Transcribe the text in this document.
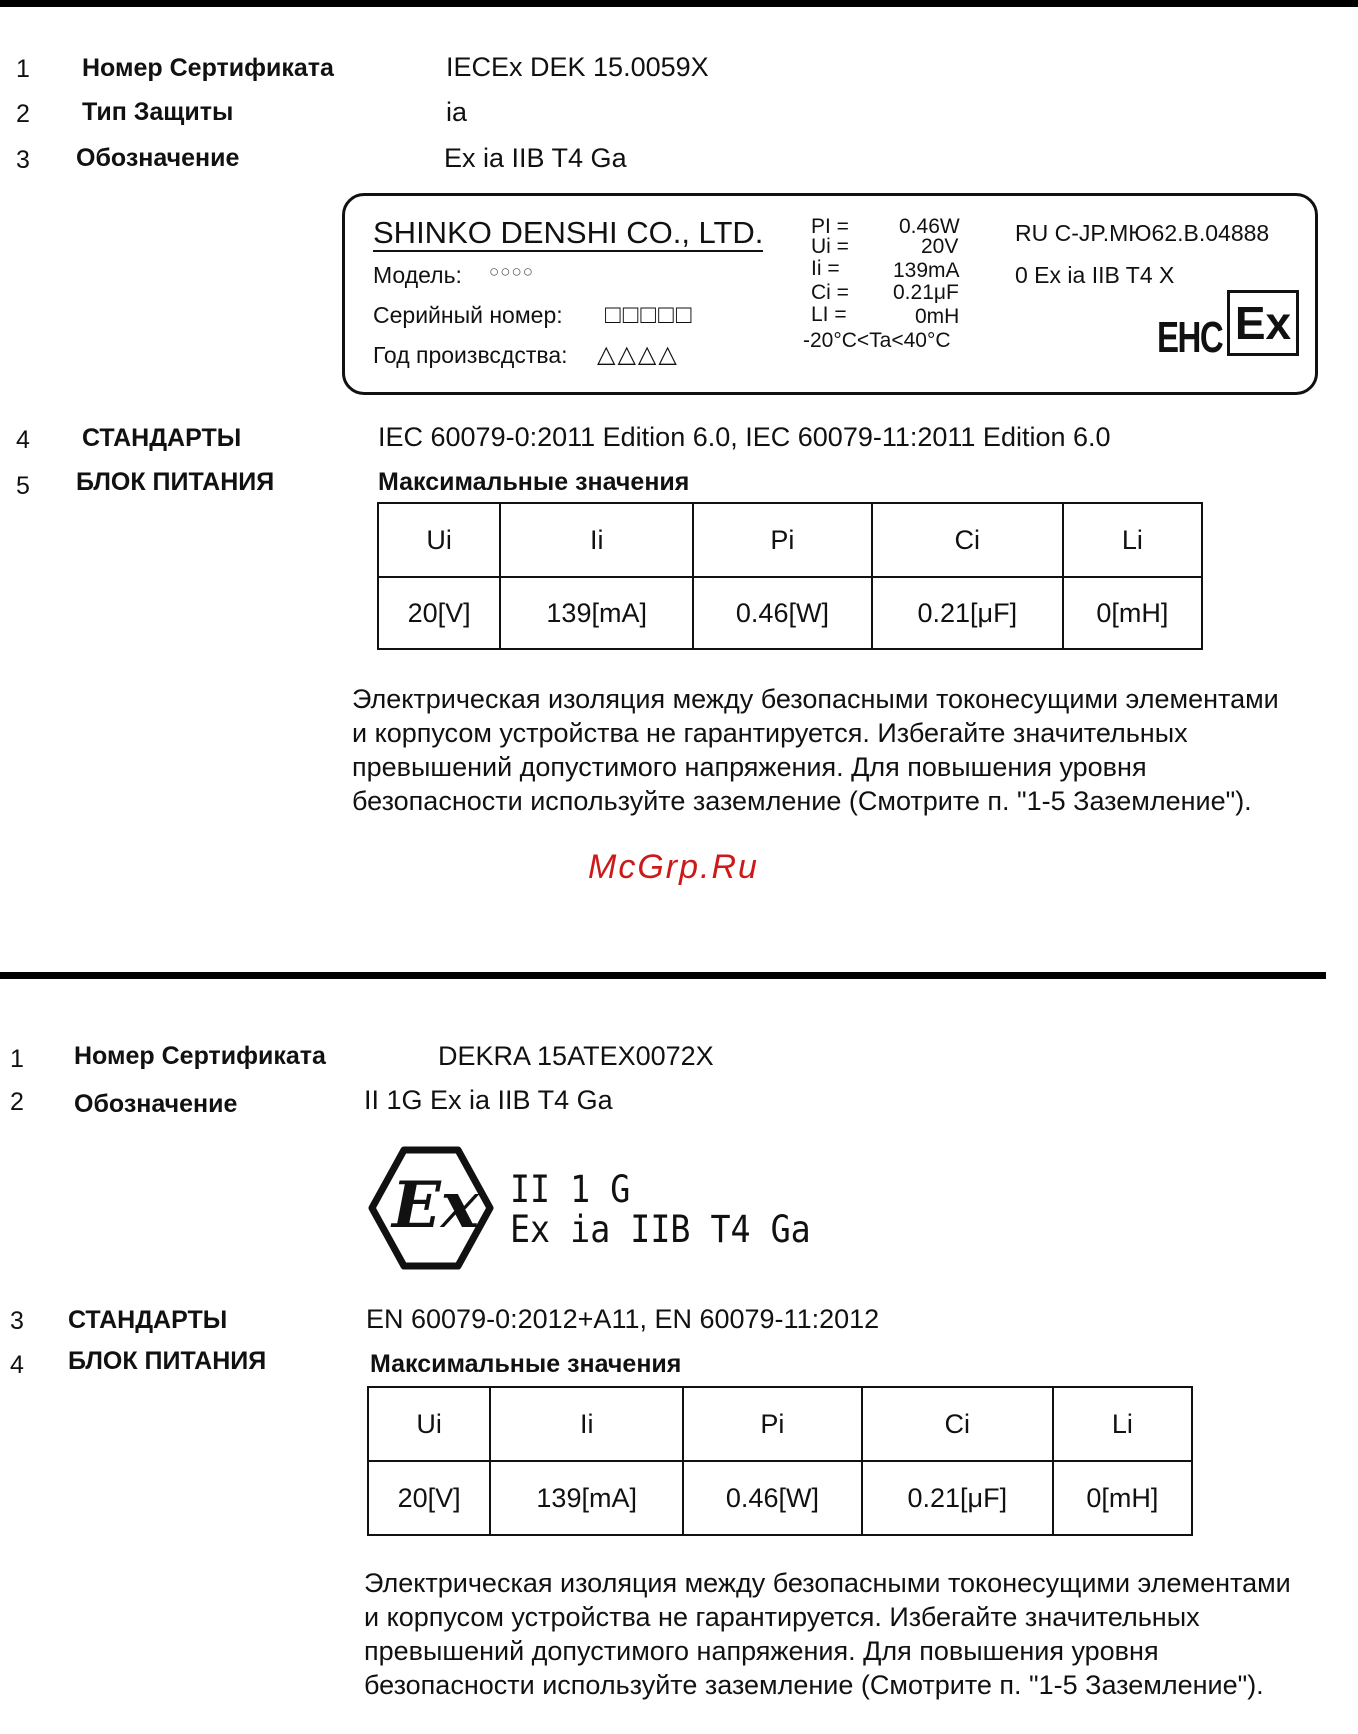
1 Номер Сертификата	IECEx DEK 15.0059X
2 Тип Защиты	ia
3 Обозначение	Ex ia IIB T4 Ga
SHINKO DENSHI CO., LTD.
Модель: ○○○○
Серийный номер: □□□□□
Год произвсдства: △△△△
PI = 0.46W
Ui =	20V
Ii =	139mA
Ci = 0.21μF
LI =	0mH
-20°C<Ta<40°C
RU C-JP.МЮ62.B.04888
0 Ex ia IIB T4 X
EHC Ex
4 СТАНДАРТЫ	IEC 60079-0:2011 Edition 6.0, IEC 60079-11:2011 Edition 6.0
5 БЛОК ПИТАНИЯ	Максимальные значения
Ui	Ii	Pi	Ci	Li
20[V]	139[mA]	0.46[W]	0.21[μF]	0[mH]
Электрическая изоляция между безопасными токонесущими элементами и корпусом устройства не гарантируется. Избегайте значительных превышений допустимого напряжения. Для повышения уровня безопасности используйте заземление (Смотрите п. "1-5 Заземление").
McGrp.Ru
1 Номер Сертификата	DEKRA 15ATEX0072X
2 Обозначение	II 1G Ex ia IIB T4 Ga
Ex II 1 G
Ex ia IIB T4 Ga
3 СТАНДАРТЫ	EN 60079-0:2012+A11, EN 60079-11:2012
4 БЛОК ПИТАНИЯ	Максимальные значения
Ui	Ii	Pi	Ci	Li
20[V]	139[mA]	0.46[W]	0.21[μF]	0[mH]
Электрическая изоляция между безопасными токонесущими элементами и корпусом устройства не гарантируется. Избегайте значительных превышений допустимого напряжения. Для повышения уровня безопасности используйте заземление (Смотрите п. "1-5 Заземление").
